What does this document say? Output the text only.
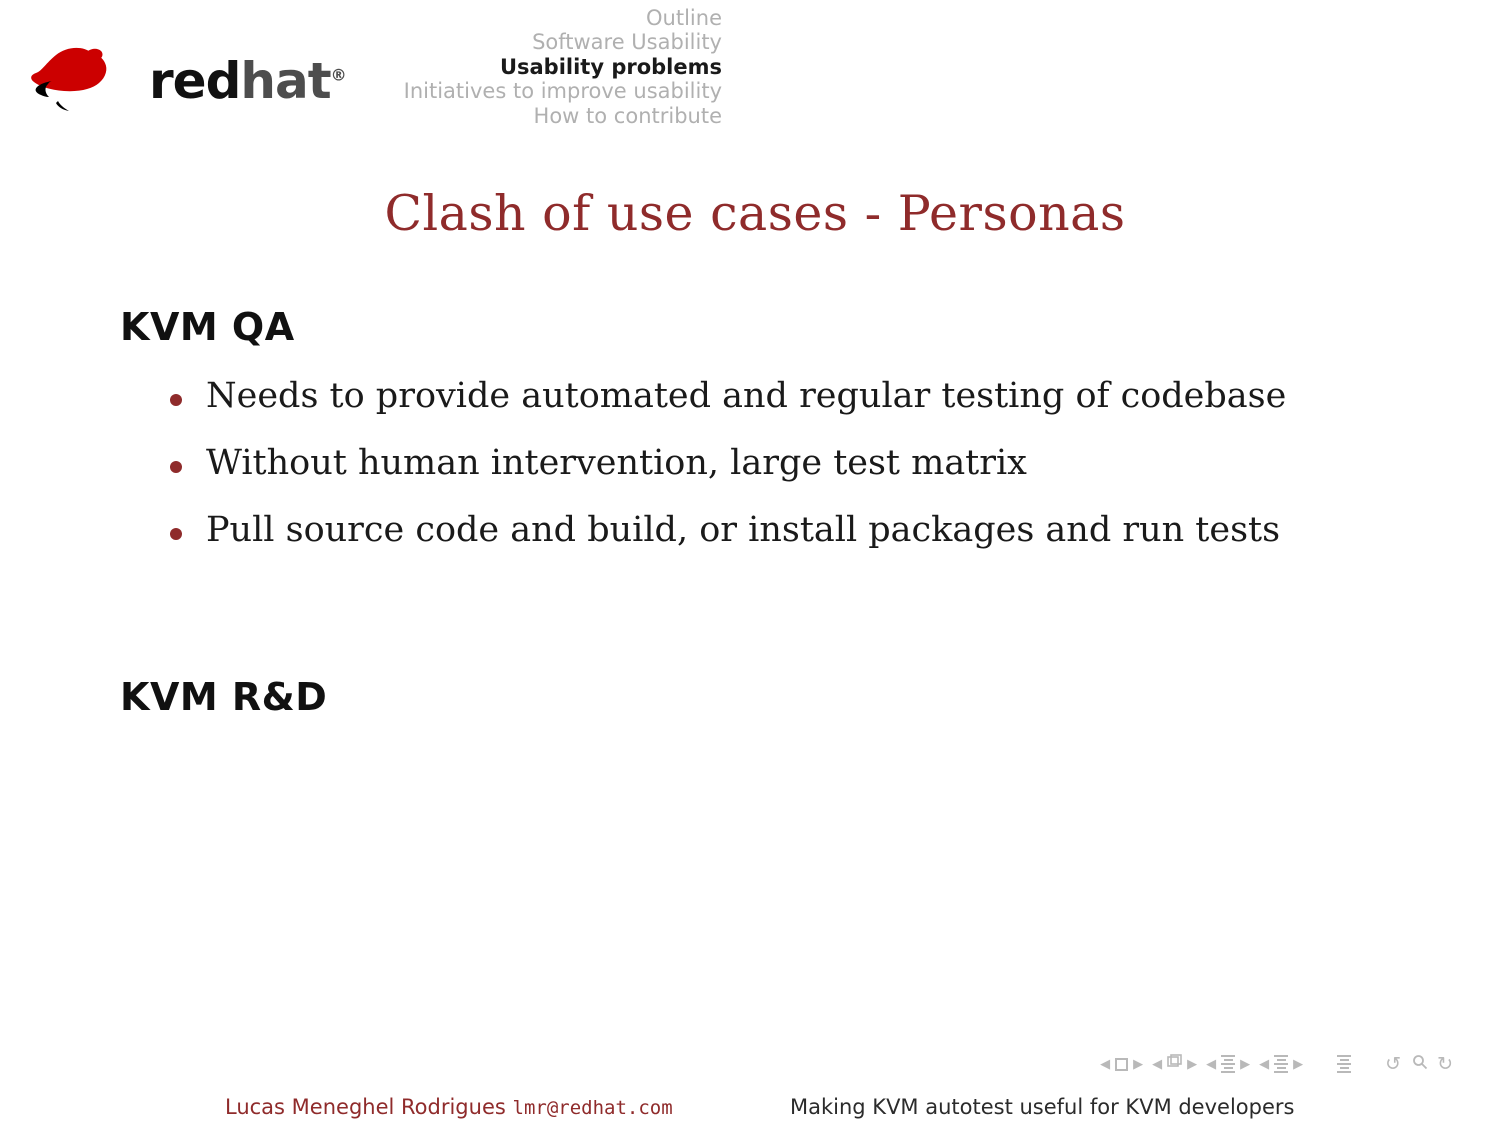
redhat®
Outline
Software Usability
Usability problems
Initiatives to improve usability
How to contribute
Clash of use cases - Personas
KVM QA
Needs to provide automated and regular testing of codebase
Without human intervention, large test matrix
Pull source code and build, or install packages and run tests
KVM R&D
◀ ▶ ◀ ▶ ◀ ▶ ◀ ▶	↺ ↻
Lucas Meneghel Rodrigues lmr@redhat.com	Making KVM autotest useful for KVM developers
